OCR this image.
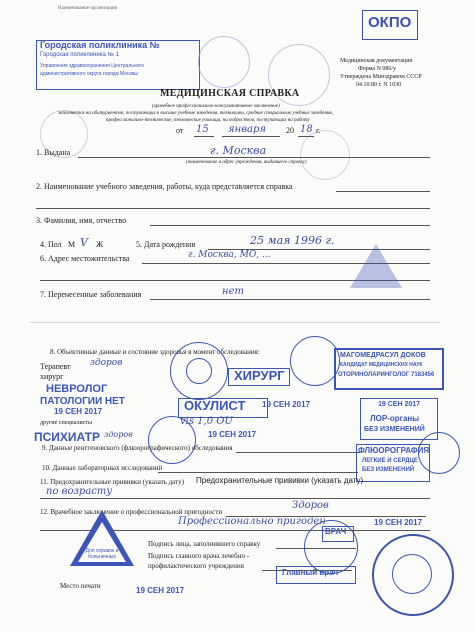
Наименование организации
Городская поликлиника №
Городская поликлиника № 1
Управление здравоохранения Центрального
административного округа города Москвы
ОКПО
Медицинская документация
Форма N 086/у
Утверждена Минздравом СССР
04.10.80 г. N 1030
МЕДИЦИНСКАЯ СПРАВКА
(врачебное профессионально-консультативное заключение)
заполняется на абитуриентов, поступающих в высшие учебные заведения, техникумы, средние специальные учебные заведения,
профессионально-технические, технические училища, на подростков, поступающих на работу
от 15 января 20 18 г.
1. Выдана	г. Москва
(наименование и адрес учреждения, выдавшего справку)
2. Наименование учебного заведения, работы, куда представляется справка
3. Фамилия, имя, отчество
4. Пол М V Ж	5. Дата рождения	25 мая 1996 г.
6. Адрес местожительства	г. Москва, МО, ...
7. Перенесенные заболевания	нет
8. Объективные данные и состояние здоровья в момент обследования:
Терапевт здоров
хирург
НЕВРОЛОГ
ПАТОЛОГИИ НЕТ
19 СЕН 2017
другие специалисты
ПСИХИАТР здоров
ХИРУРГ
ОКУЛИСТ
vis 1,0 OU
19 СЕН 2017
19 СЕН 2017
МАГОМЕДРАСУЛ ДОКОВ
КАНДИДАТ МЕДИЦИНСКИХ НАУК
ОТОРИНОЛАРИНГОЛОГ 7183456
19 СЕН 2017
ЛОР-органы
БЕЗ ИЗМЕНЕНИЙ
9. Данные рентгеновского (флюорографического) обследования
10. Данные лабораторных исследований
ФЛЮОРОГРАФИЯ
ЛЕГКИЕ И СЕРДЦЕ
БЕЗ ИЗМЕНЕНИЙ
11. Предохранительные прививки (указать дату) Предохранительные прививки (указать дату)
по возрасту
12. Врачебное заключение о профессиональной пригодности
Здоров
Профессионально пригоден	19 СЕН 2017
Для справок и больничных
Подпись лица, заполнившего справку
Подпись главного врача лечебно -
профилактического учреждения
ВРАЧ
Главный врач
Место печати	19 СЕН 2017
